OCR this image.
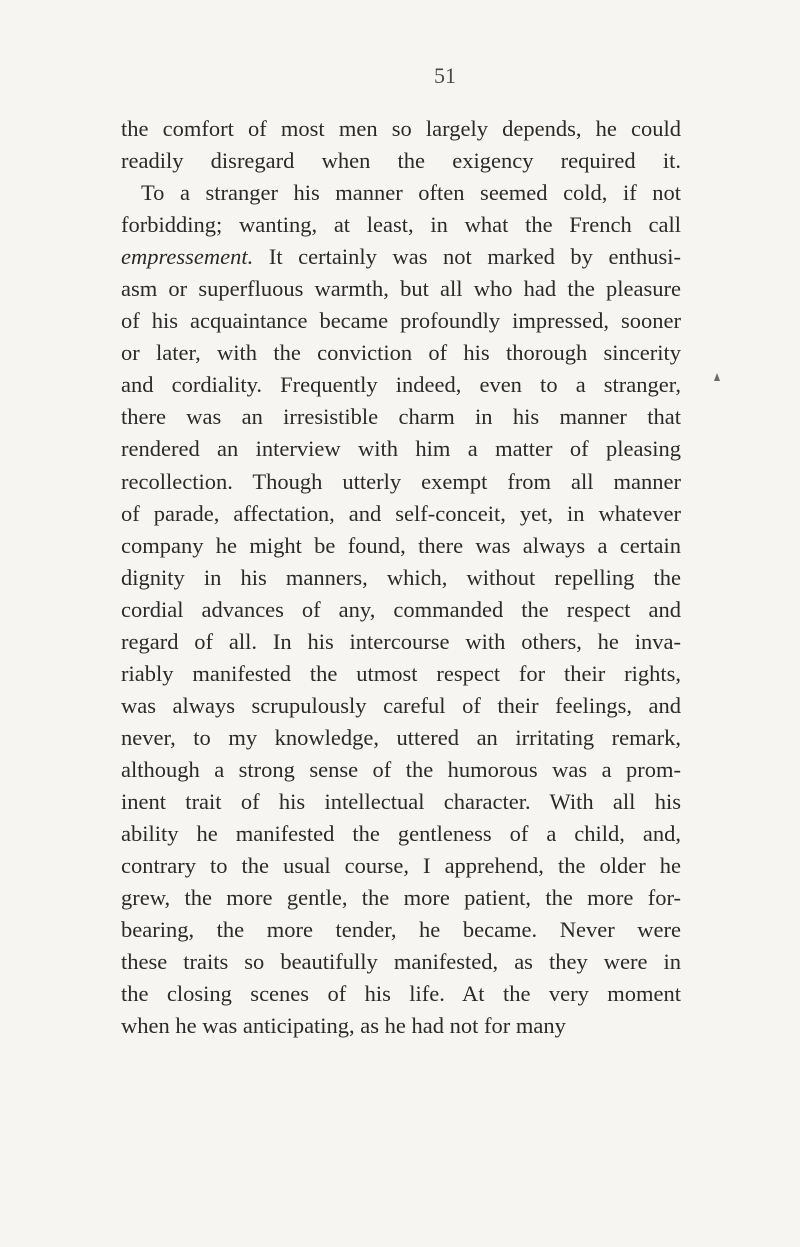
51
the comfort of most men so largely depends, he could
readily disregard when the exigency required it.
To a stranger his manner often seemed cold, if not
forbidding; wanting, at least, in what the French call
empressement. It certainly was not marked by enthusi-
asm or superfluous warmth, but all who had the pleasure
of his acquaintance became profoundly impressed, sooner
or later, with the conviction of his thorough sincerity
and cordiality. Frequently indeed, even to a stranger,
there was an irresistible charm in his manner that
rendered an interview with him a matter of pleasing
recollection. Though utterly exempt from all manner
of parade, affectation, and self-conceit, yet, in whatever
company he might be found, there was always a certain
dignity in his manners, which, without repelling the
cordial advances of any, commanded the respect and
regard of all. In his intercourse with others, he inva-
riably manifested the utmost respect for their rights,
was always scrupulously careful of their feelings, and
never, to my knowledge, uttered an irritating remark,
although a strong sense of the humorous was a prom-
inent trait of his intellectual character. With all his
ability he manifested the gentleness of a child, and,
contrary to the usual course, I apprehend, the older he
grew, the more gentle, the more patient, the more for-
bearing, the more tender, he became. Never were
these traits so beautifully manifested, as they were in
the closing scenes of his life. At the very moment
when he was anticipating, as he had not for many
